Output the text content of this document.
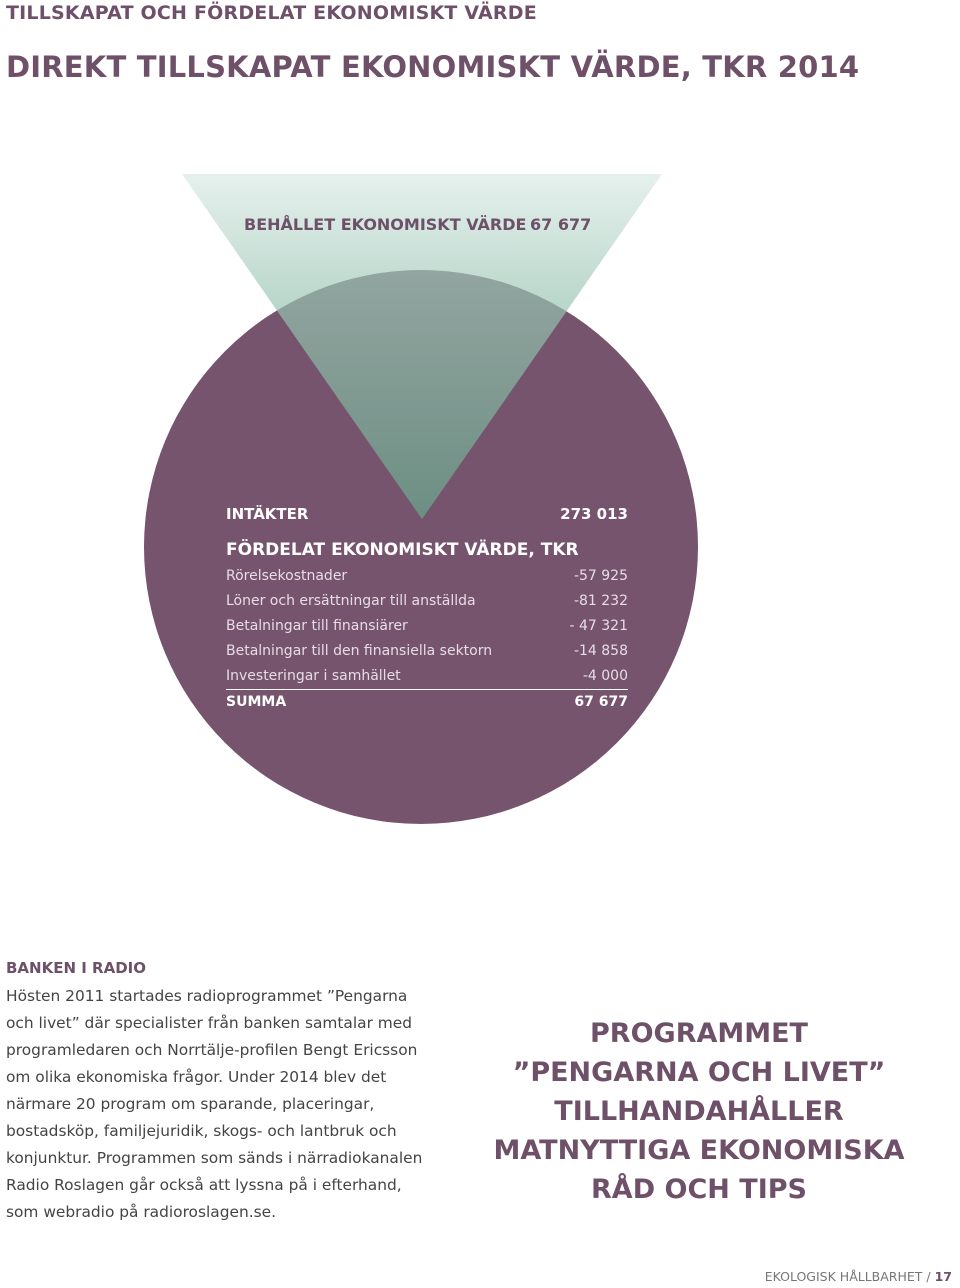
TILLSKAPAT OCH FÖRDELAT EKONOMISKT VÄRDE
DIREKT TILLSKAPAT EKONOMISKT VÄRDE, TKR 2014
BEHÅLLET EKONOMISKT VÄRDE 67 677
INTÄKTER	273 013
FÖRDELAT EKONOMISKT VÄRDE, TKR
Rörelsekostnader	-57 925
Löner och ersättningar till anställda	-81 232
Betalningar till finansiärer	- 47 321
Betalningar till den finansiella sektorn	-14 858
Investeringar i samhället	-4 000
SUMMA	67 677
BANKEN I RADIO

Hösten 2011 startades radioprogrammet ”Pengarna och livet” där specialister från banken samtalar med programledaren och Norrtälje-profilen Bengt Ericsson om olika ekonomiska frågor. Under 2014 blev det närmare 20 program om sparande, placeringar, bostadsköp, familjejuridik, skogs- och lantbruk och konjunktur. Programmen som sänds i närradiokanalen Radio Roslagen går också att lyssna på i efterhand, som webradio på radioroslagen.se.

PROGRAMMET
”PENGARNA OCH LIVET”
TILLHANDAHÅLLER
MATNYTTIGA EKONOMISKA
RÅD OCH TIPS
EKOLOGISK HÅLLBARHET / 17
